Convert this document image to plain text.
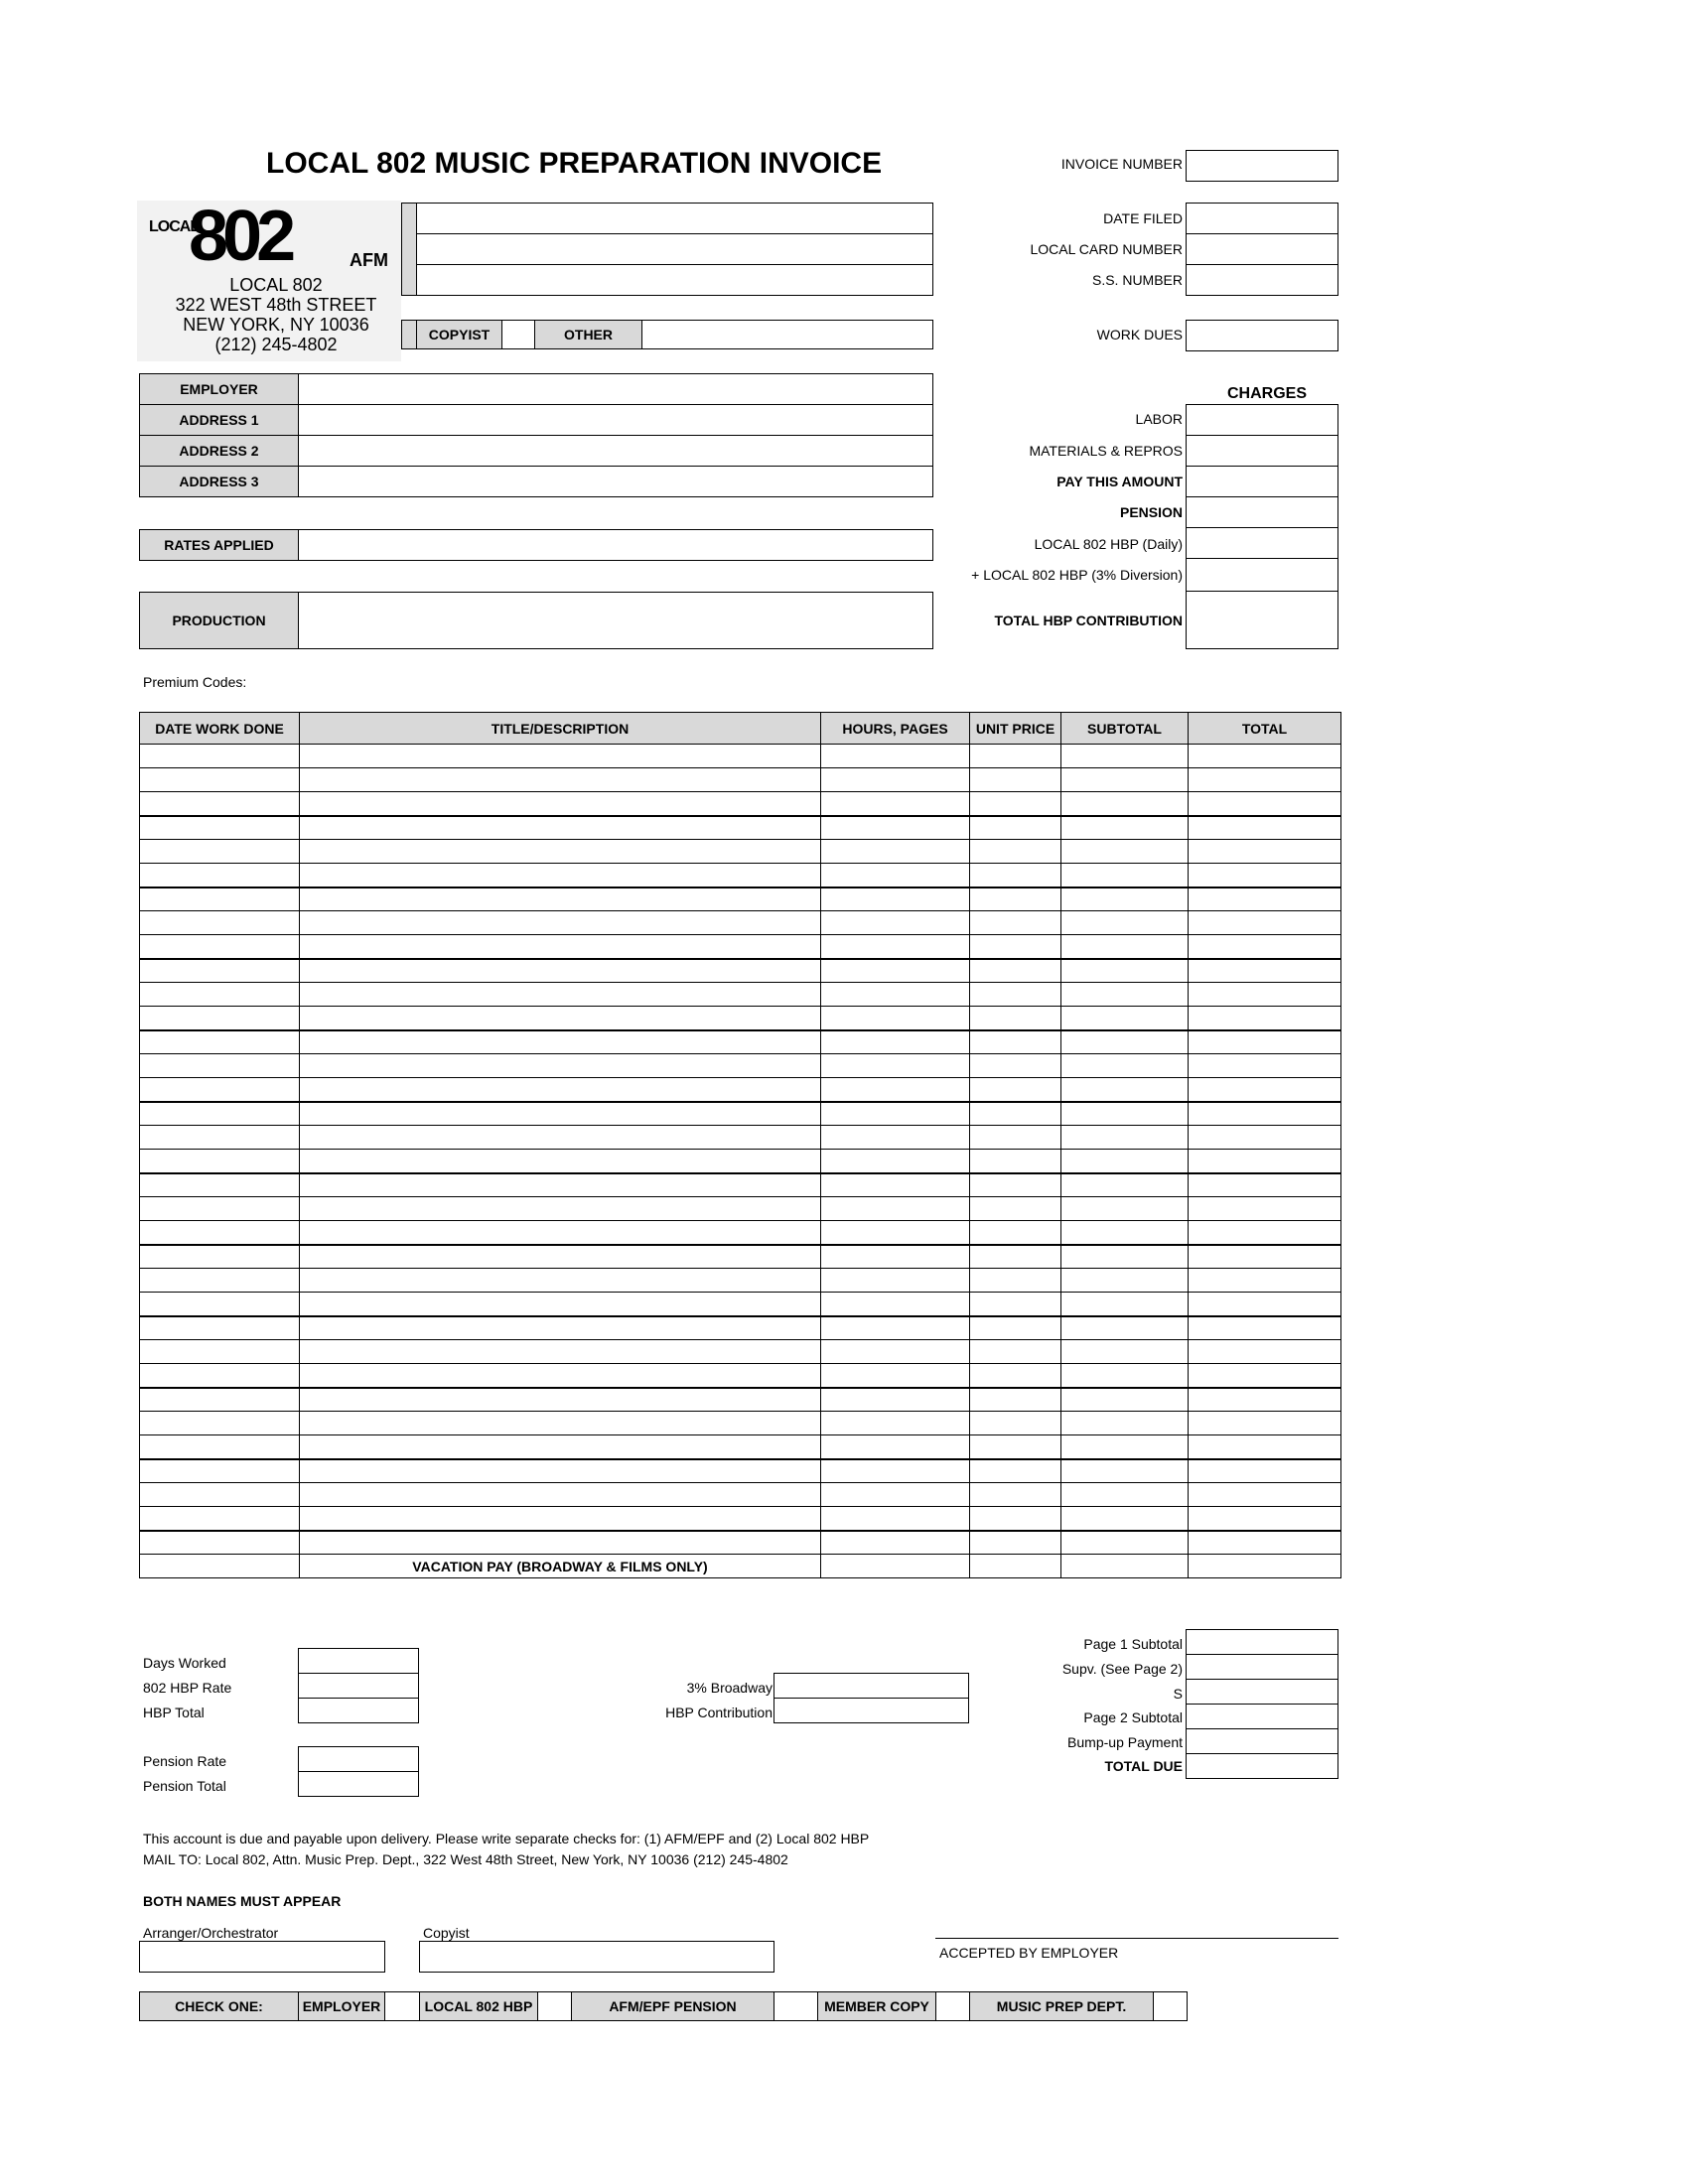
LOCAL 802 MUSIC PREPARATION INVOICE
LOCAL
802	AFM
LOCAL 802
322 WEST 48th STREET
NEW YORK, NY 10036
(212) 245-4802	COPYIST	OTHER
INVOICE NUMBER
DATE FILED
LOCAL CARD NUMBER
S.S. NUMBER
WORK DUES
EMPLOYER
ADDRESS 1
ADDRESS 2
ADDRESS 3
RATES APPLIED
PRODUCTION
CHARGES
LABOR
MATERIALS & REPROS
PAY THIS AMOUNT
PENSION
LOCAL 802 HBP (Daily)
+ LOCAL 802 HBP (3% Diversion)
TOTAL HBP CONTRIBUTION
Premium Codes:
DATE WORK DONE	TITLE/DESCRIPTION	HOURS, PAGES	UNIT PRICE	SUBTOTAL	TOTAL

	VACATION PAY (BROADWAY & FILMS ONLY)				
Page 1 Subtotal
Supv. (See Page 2)
S
Page 2 Subtotal
Bump-up Payment
TOTAL DUE
Days Worked
802 HBP Rate
HBP Total
Pension Rate
Pension Total
3% Broadway
HBP Contribution
This account is due and payable upon delivery. Please write separate checks for: (1) AFM/EPF and (2) Local 802 HBP
MAIL TO: Local 802, Attn. Music Prep. Dept., 322 West 48th Street, New York, NY 10036 (212) 245-4802
BOTH NAMES MUST APPEAR
Arranger/Orchestrator	Copyist
ACCEPTED BY EMPLOYER
CHECK ONE:	EMPLOYER	LOCAL 802 HBP	AFM/EPF PENSION	MEMBER COPY	MUSIC PREP DEPT.
